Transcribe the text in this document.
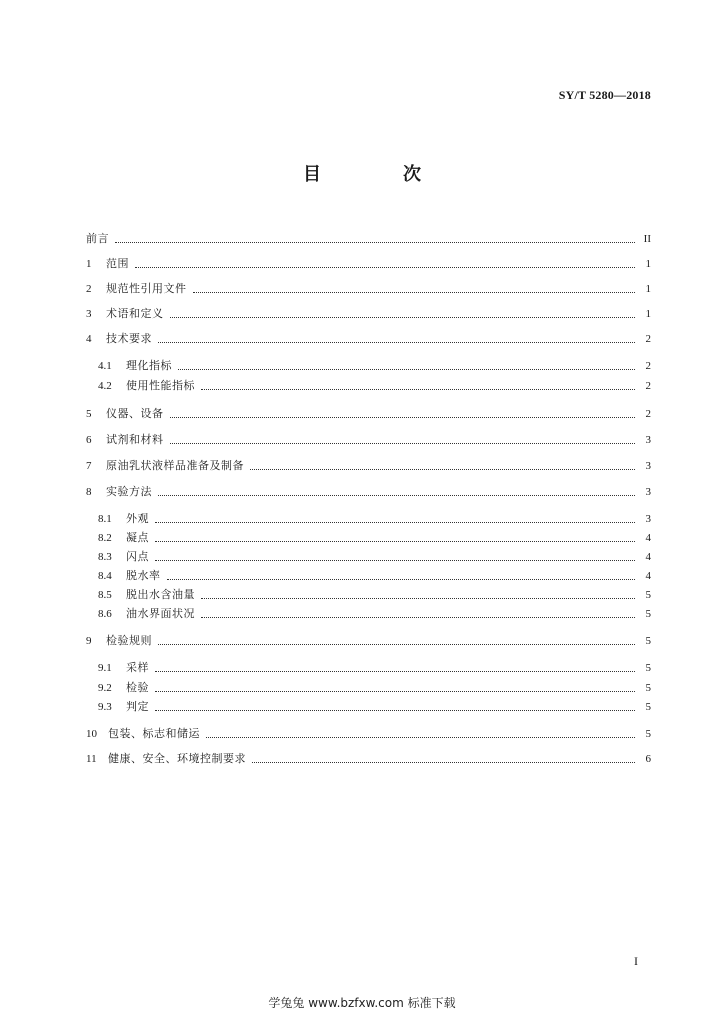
SY/T 5280—2018
目　次
前言	II
1	范围	1
2	规范性引用文件	1
3	术语和定义	1
4	技术要求	2
4.1	理化指标	2
4.2	使用性能指标	2
5	仪器、设备	2
6	试剂和材料	3
7	原油乳状液样品准备及制备	3
8	实验方法	3
8.1	外观	3
8.2	凝点	4
8.3	闪点	4
8.4	脱水率	4
8.5	脱出水含油量	5
8.6	油水界面状况	5
9	检验规则	5
9.1	采样	5
9.2	检验	5
9.3	判定	5
10	包装、标志和储运	5
11	健康、安全、环境控制要求	6
I
学兔兔 www.bzfxw.com 标准下载
